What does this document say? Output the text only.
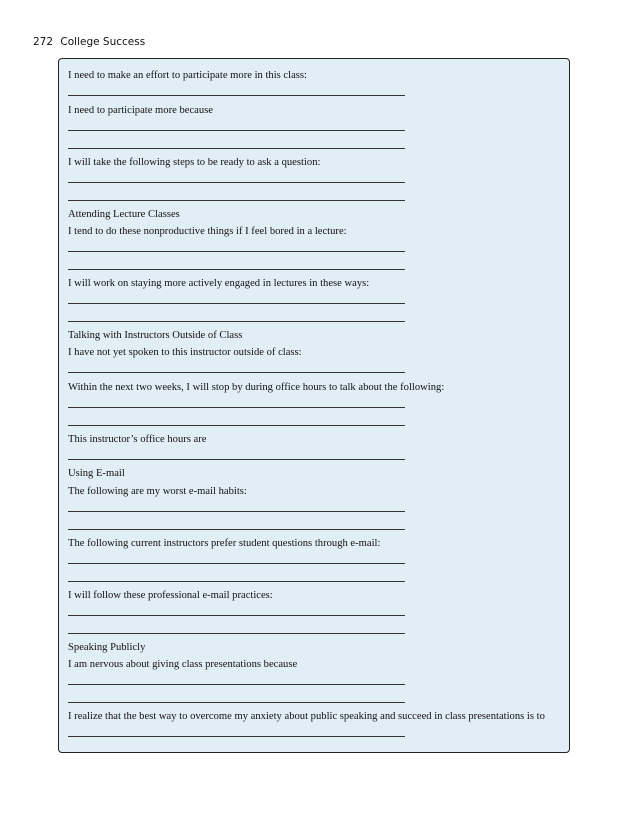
272 College Success
I need to make an effort to participate more in this class:
I need to participate more because
I will take the following steps to be ready to ask a question:
Attending Lecture Classes
I tend to do these nonproductive things if I feel bored in a lecture:
I will work on staying more actively engaged in lectures in these ways:
Talking with Instructors Outside of Class
I have not yet spoken to this instructor outside of class:
Within the next two weeks, I will stop by during office hours to talk about the following:
This instructor’s office hours are
Using E-mail
The following are my worst e-mail habits:
The following current instructors prefer student questions through e-mail:
I will follow these professional e-mail practices:
Speaking Publicly
I am nervous about giving class presentations because
I realize that the best way to overcome my anxiety about public speaking and succeed in class presentations is to
